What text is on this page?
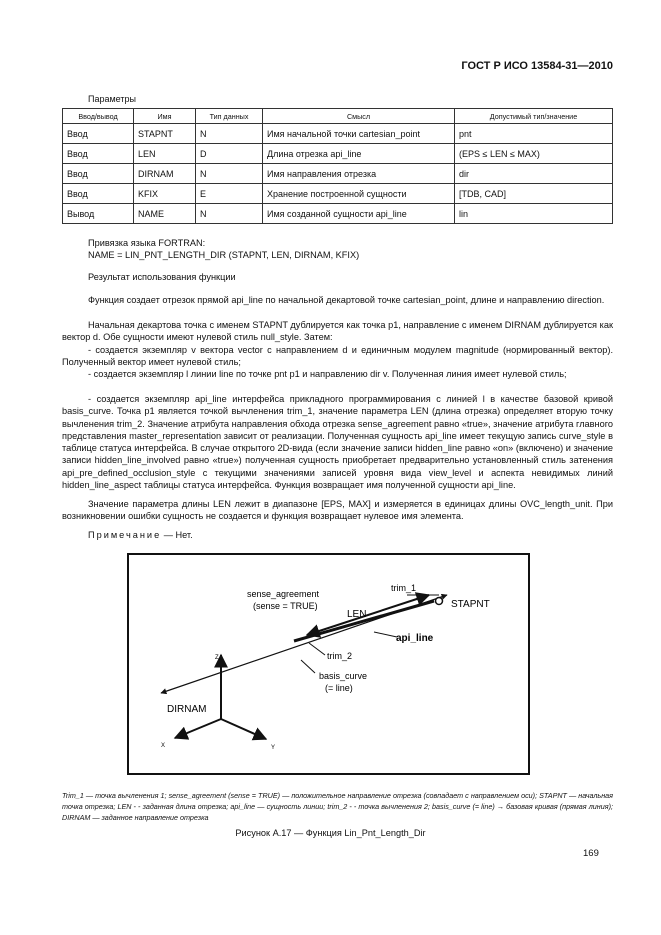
ГОСТ Р ИСО 13584-31—2010
Параметры
Ввод/вывод	Имя	Тип данных	Смысл	Допустимый тип/значение
Ввод	STAPNT	N	Имя начальной точки cartesian_point	pnt
Ввод	LEN	D	Длина отрезка api_line	(EPS ≤ LEN ≤ MAX)
Ввод	DIRNAM	N	Имя направления отрезка	dir
Ввод	KFIX	E	Хранение построенной сущности	[TDB, CAD]
Вывод	NAME	N	Имя созданной сущности api_line	lin
Привязка языка FORTRAN:
NAME = LIN_PNT_LENGTH_DIR (STAPNT, LEN, DIRNAM, KFIX)
Результат использования функции
Функция создает отрезок прямой api_line по начальной декартовой точке cartesian_point, длине и направлению direction.
Начальная декартова точка с именем STAPNT дублируется как точка p1, направление с именем DIRNAM дублируется как вектор d. Обе сущности имеют нулевой стиль null_style. Затем:
- создается экземпляр v вектора vector с направлением d и единичным модулем magnitude (нормированный вектор). Полученный вектор имеет нулевой стиль;
- создается экземпляр l линии line по точке pnt p1 и направлению dir v. Полученная линия имеет нулевой стиль;
- создается экземпляр api_line интерфейса прикладного программирования с линией l в качестве базовой кривой basis_curve. Точка p1 является точкой вычленения trim_1, значение параметра LEN (длина отрезка) определяет вторую точку вычленения trim_2. Значение атрибута направления обхода отрезка sense_agreement равно «true», значение атрибута главного представления master_representation зависит от реализации. Полученная сущность api_line имеет текущую запись curve_style в таблице статуса интерфейса. В случае открытого 2D-вида (если значение записи hidden_line равно «on» (включено) и значение записи hidden_line_involved равно «true») полученная сущность приобретает предварительно установленный стиль затенения api_pre_defined_occlusion_style с текущими значениями записей уровня вида view_level и аспекта невидимых линий hidden_line_aspect таблицы статуса интерфейса. Функция возвращает имя полученной сущности api_line.
Значение параметра длины LEN лежит в диапазоне [EPS, MAX] и измеряется в единицах длины OVC_length_unit. При возникновении ошибки сущность не создается и функция возвращает нулевое имя элемента.
Примечание — Нет.
sense_agreement
(sense = TRUE)
trim_1
STAPNT
LEN
api_line
trim_2
basis_curve
(= line)
DIRNAM
Z
X	Y
Trim_1 — точка вычленения 1; sense_agreement (sense = TRUE) — положительное направление отрезка (совпадает с направлением оси); STAPNT — начальная точка отрезка; LEN - - заданная длина отрезка; api_line — сущность линии; trim_2 - - точка вычленения 2; basis_curve (= line) → базовая кривая (прямая линия); DIRNAM — заданное направление отрезка
Рисунок А.17 — Функция Lin_Pnt_Length_Dir
169
